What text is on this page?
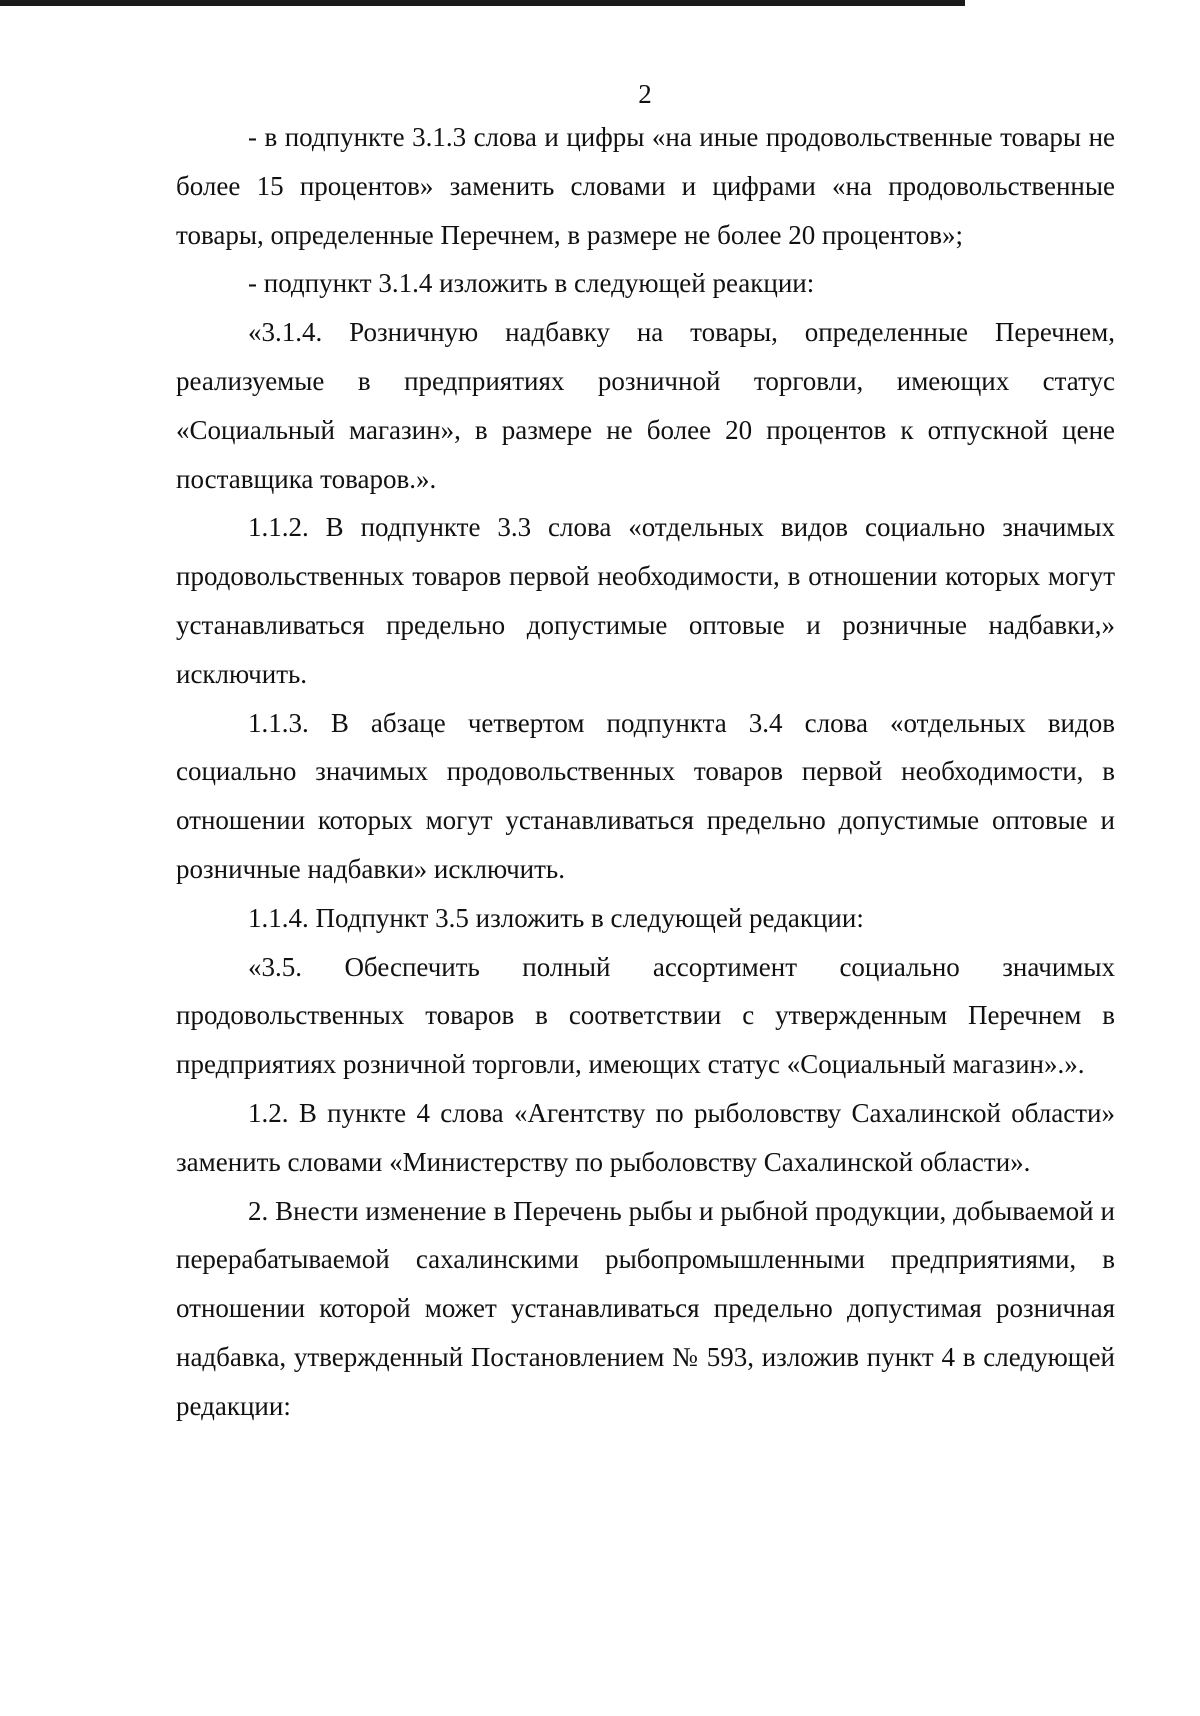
2

- в подпункте 3.1.3 слова и цифры «на иные продовольственные товары не более 15 процентов» заменить словами и цифрами «на продовольственные товары, определенные Перечнем, в размере не более 20 процентов»;

- подпункт 3.1.4 изложить в следующей реакции:

«3.1.4. Розничную надбавку на товары, определенные Перечнем, реализуемые в предприятиях розничной торговли, имеющих статус «Социальный магазин», в размере не более 20 процентов к отпускной цене поставщика товаров.».

1.1.2. В подпункте 3.3 слова «отдельных видов социально значимых продовольственных товаров первой необходимости, в отношении которых могут устанавливаться предельно допустимые оптовые и розничные надбавки,» исключить.

1.1.3. В абзаце четвертом подпункта 3.4 слова «отдельных видов социально значимых продовольственных товаров первой необходимости, в отношении которых могут устанавливаться предельно допустимые оптовые и розничные надбавки» исключить.

1.1.4. Подпункт 3.5 изложить в следующей редакции:

«3.5. Обеспечить полный ассортимент социально значимых продовольственных товаров в соответствии с утвержденным Перечнем в предприятиях розничной торговли, имеющих статус «Социальный магазин».».

1.2. В пункте 4 слова «Агентству по рыболовству Сахалинской области» заменить словами «Министерству по рыболовству Сахалинской области».

2. Внести изменение в Перечень рыбы и рыбной продукции, добываемой и перерабатываемой сахалинскими рыбопромышленными предприятиями, в отношении которой может устанавливаться предельно допустимая розничная надбавка, утвержденный Постановлением № 593, изложив пункт 4 в следующей редакции:
